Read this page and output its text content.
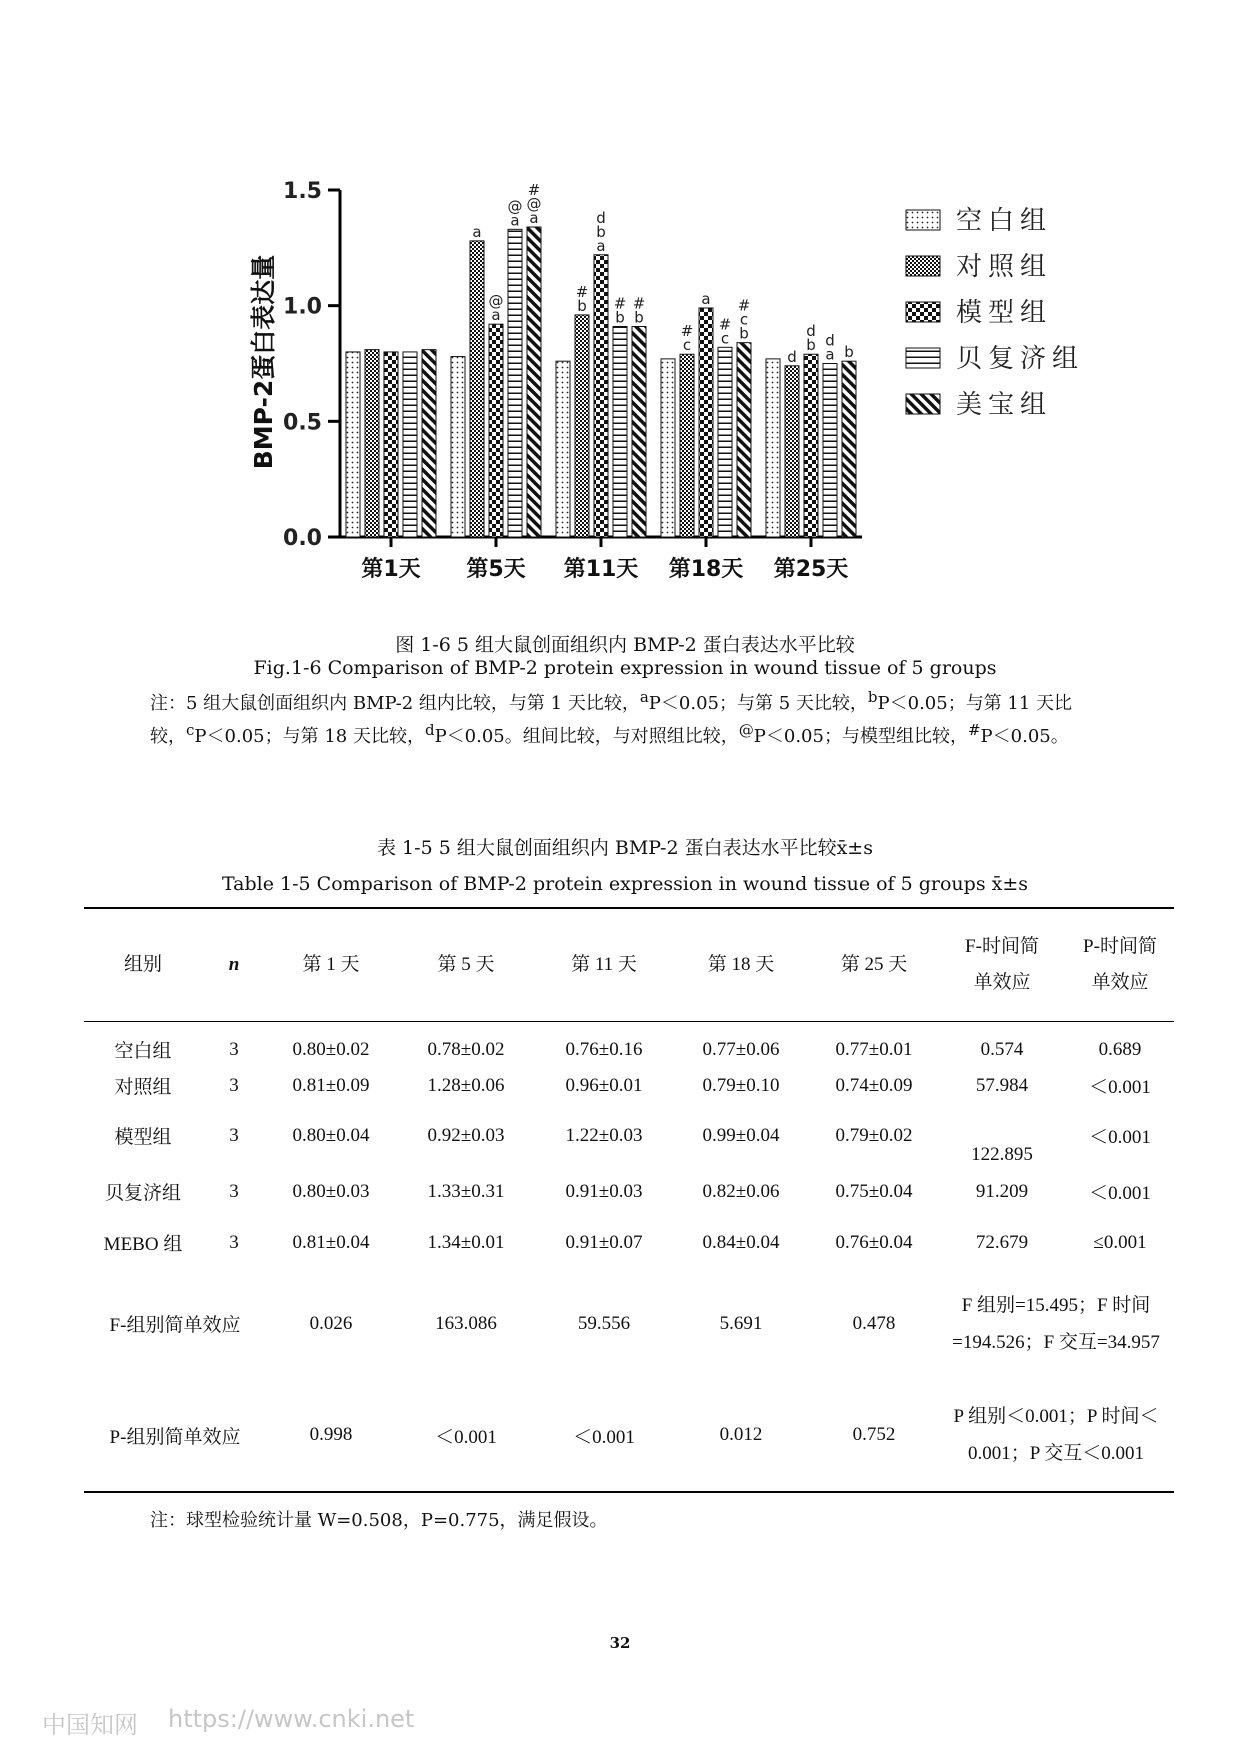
a
@
a
@
a
#
@
a
#
b
d
b
a
#
b
#
b
#
c
a
#
c
#
c
b
d
d
b d
a b
0.0
0.5
1.0
1.5
第1天 第5天 第11天 第18天 第25天
BMP-2蛋白表达量
空白组
对照组
模型组
贝复济组
美宝组
图 1-6 5 组大鼠创面组织内 BMP-2 蛋白表达水平比较
Fig.1-6 Comparison of BMP-2 protein expression in wound tissue of 5 groups
注：5 组大鼠创面组织内 BMP-2 组内比较，与第 1 天比较，$^a$P＜0.05；与第 5 天比较，$^b$P＜0.05；与第 11 天比较，$^c$P＜0.05；与第 18 天比较，$^d$P＜0.05。组间比较，与对照组比较，@P＜0.05；与模型组比较，#P＜0.05。
表 1-5 5 组大鼠创面组织内 BMP-2 蛋白表达水平比较x̄±s
Table 1-5 Comparison of BMP-2 protein expression in wound tissue of 5 groups x̄±s
组别	n	第 1 天	第 5 天	第 11 天	第 18 天	第 25 天	F-时间简单效应	P-时间简单效应
空白组	3	0.80±0.02	0.78±0.02	0.76±0.16	0.77±0.06	0.77±0.01	0.574	0.689
对照组	3	0.81±0.09	1.28±0.06	0.96±0.01	0.79±0.10	0.74±0.09	57.984	＜0.001
模型组	3	0.80±0.04	0.92±0.03	1.22±0.03	0.99±0.04	0.79±0.02	122.895	＜0.001
贝复济组	3	0.80±0.03	1.33±0.31	0.91±0.03	0.82±0.06	0.75±0.04	91.209	＜0.001
MEBO 组	3	0.81±0.04	1.34±0.01	0.91±0.07	0.84±0.04	0.76±0.04	72.679	≤0.001
F-组别简单效应		0.026	163.086	59.556	5.691	0.478	F 组别=15.495；F 时间=194.526；F 交互=34.957	
P-组别简单效应		0.998	＜0.001	＜0.001	0.012	0.752	P 组别＜0.001；P 时间＜0.001；P 交互＜0.001	
注：球型检验统计量 W=0.508，P=0.775，满足假设。
32
中国知网 https://www.cnki.net
